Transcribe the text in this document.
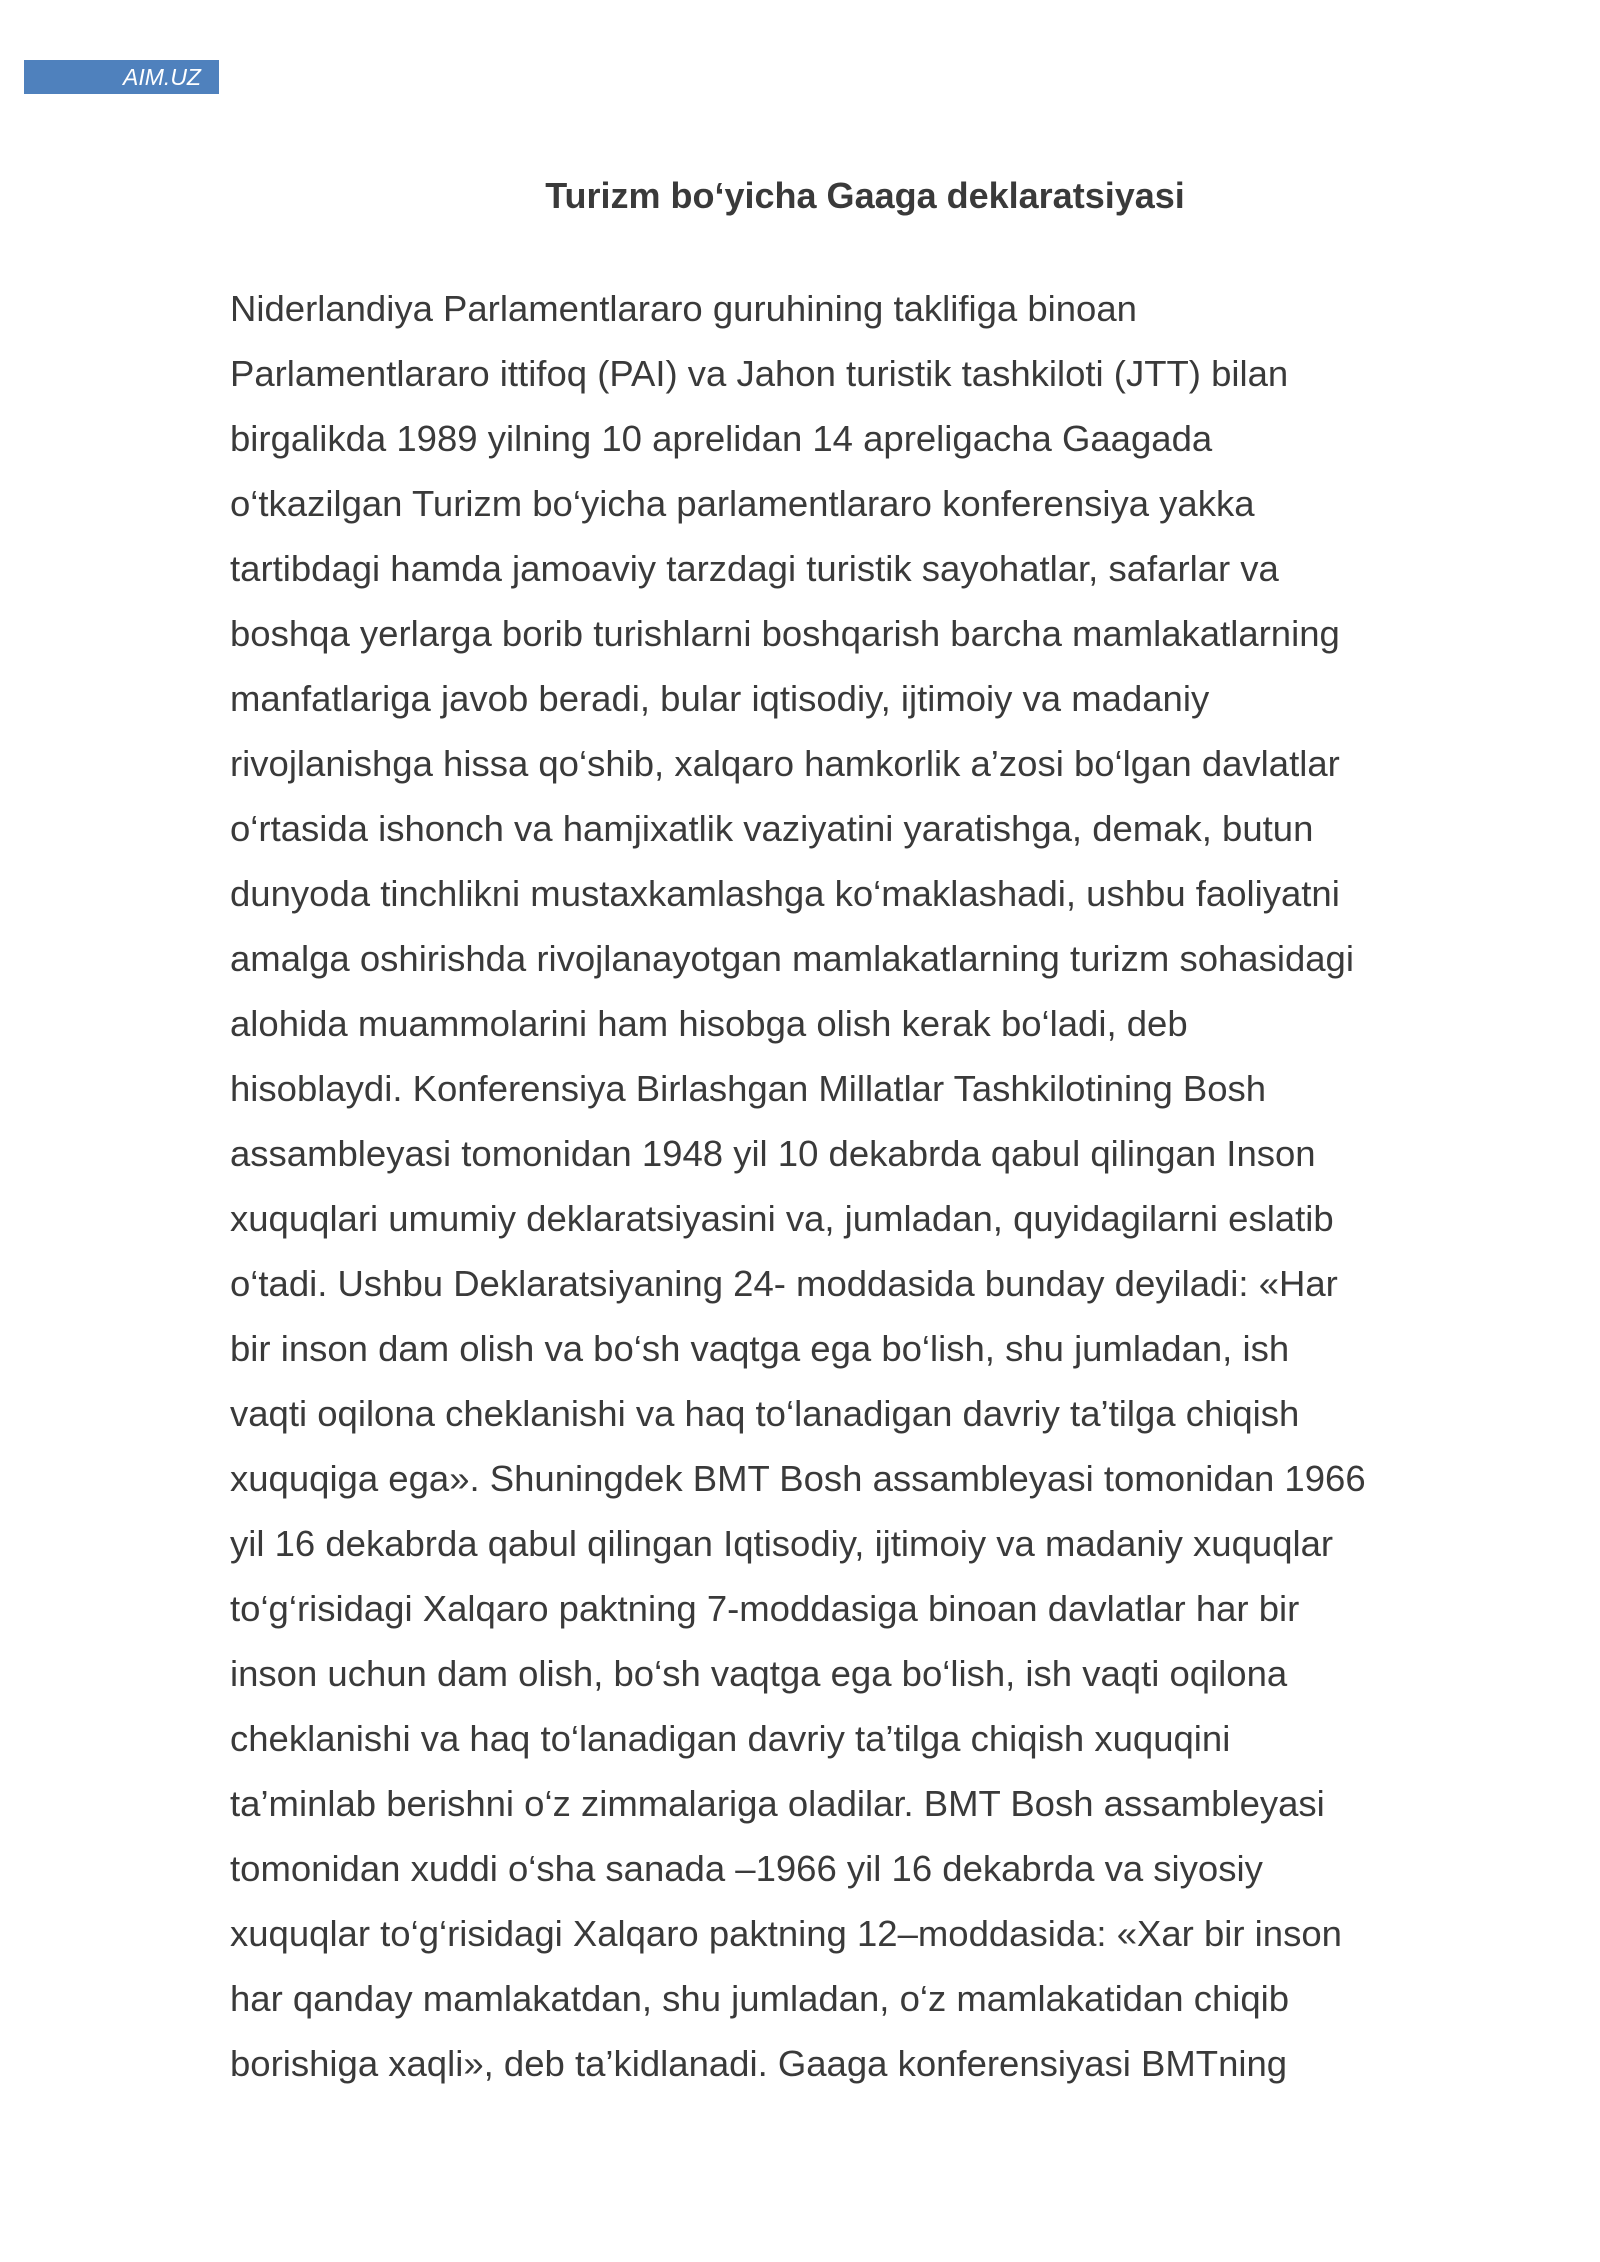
AIM.UZ
Turizm bo‘yicha Gaaga deklaratsiyasi
Niderlandiya Parlamentlararo guruhining taklifiga binoan
Parlamentlararo ittifoq (PAI) va Jahon turistik tashkiloti (JTT) bilan
birgalikda 1989 yilning 10 aprelidan 14 apreligacha Gaagada
o‘tkazilgan Turizm bo‘yicha parlamentlararo konferensiya yakka
tartibdagi hamda jamoaviy tarzdagi turistik sayohatlar, safarlar va
boshqa yerlarga borib turishlarni boshqarish barcha mamlakatlarning
manfatlariga javob beradi, bular iqtisodiy, ijtimoiy va madaniy
rivojlanishga hissa qo‘shib, xalqaro hamkorlik a’zosi bo‘lgan davlatlar
o‘rtasida ishonch va hamjixatlik vaziyatini yaratishga, demak, butun
dunyoda tinchlikni mustaxkamlashga ko‘maklashadi, ushbu faoliyatni
amalga oshirishda rivojlanayotgan mamlakatlarning turizm sohasidagi
alohida muammolarini ham hisobga olish kerak bo‘ladi, deb
hisoblaydi. Konferensiya Birlashgan Millatlar Tashkilotining Bosh
assambleyasi tomonidan 1948 yil 10 dekabrda qabul qilingan Inson
xuquqlari umumiy deklaratsiyasini va, jumladan, quyidagilarni eslatib
o‘tadi. Ushbu Deklaratsiyaning 24- moddasida bunday deyiladi: «Har
bir inson dam olish va bo‘sh vaqtga ega bo‘lish, shu jumladan, ish
vaqti oqilona cheklanishi va haq to‘lanadigan davriy ta’tilga chiqish
xuquqiga ega». Shuningdek BMT Bosh assambleyasi tomonidan 1966
yil 16 dekabrda qabul qilingan Iqtisodiy, ijtimoiy va madaniy xuquqlar
to‘g‘risidagi Xalqaro paktning 7-moddasiga binoan davlatlar har bir
inson uchun dam olish, bo‘sh vaqtga ega bo‘lish, ish vaqti oqilona
cheklanishi va haq to‘lanadigan davriy ta’tilga chiqish xuquqini
ta’minlab berishni o‘z zimmalariga oladilar. BMT Bosh assambleyasi
tomonidan xuddi o‘sha sanada –1966 yil 16 dekabrda va siyosiy
xuquqlar to‘g‘risidagi Xalqaro paktning 12–moddasida: «Xar bir inson
har qanday mamlakatdan, shu jumladan, o‘z mamlakatidan chiqib
borishiga xaqli», deb ta’kidlanadi. Gaaga konferensiyasi BMTning
